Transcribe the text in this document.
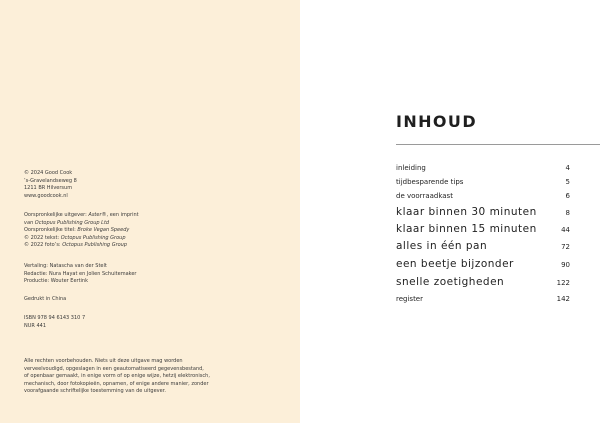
© 2024 Good Cook
’s-Gravelandseweg 8
1211 BR Hilversum
www.goodcook.nl
Oorspronkelijke uitgever: Aster®, een imprint
van Octopus Publishing Group Ltd
Oorspronkelijke titel: Broke Vegan Speedy
© 2022 tekst: Octopus Publishing Group
© 2022 foto’s: Octopus Publishing Group
Vertaling: Natascha van der Stelt
Redactie: Nura Hayat en Jolien Schuitemaker
Productie: Wouter Eertink
Gedrukt in China
ISBN 978 94 6143 310 7
NUR 441
Alle rechten voorbehouden. Niets uit deze uitgave mag worden
verveelvoudigd, opgeslagen in een geautomatiseerd gegevensbestand,
of openbaar gemaakt, in enige vorm of op enige wijze, hetzij elektronisch,
mechanisch, door fotokopieën, opnamen, of enige andere manier, zonder
voorafgaande schriftelijke toestemming van de uitgever.
INHOUD
inleiding	4
tijdbesparende tips	5
de voorraadkast	6
klaar binnen 30 minuten	8
klaar binnen 15 minuten	44
alles in één pan	72
een beetje bijzonder	90
snelle zoetigheden	122
register	142
